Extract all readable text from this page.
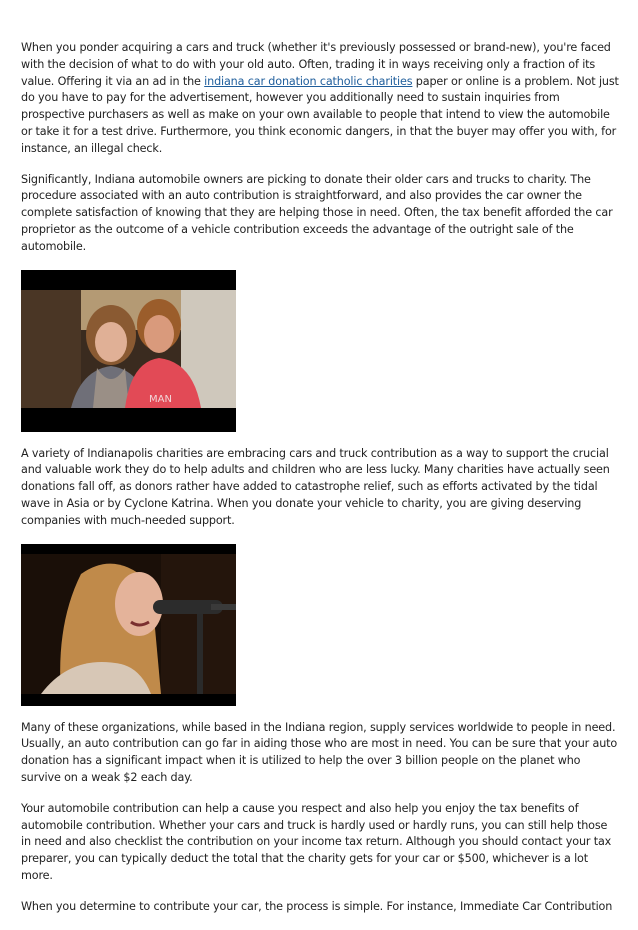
When you ponder acquiring a cars and truck (whether it's previously possessed or brand-new), you're faced with the decision of what to do with your old auto. Often, trading it in ways receiving only a fraction of its value. Offering it via an ad in the indiana car donation catholic charities paper or online is a problem. Not just do you have to pay for the advertisement, however you additionally need to sustain inquiries from prospective purchasers as well as make on your own available to people that intend to view the automobile or take it for a test drive. Furthermore, you think economic dangers, in that the buyer may offer you with, for instance, an illegal check.

Significantly, Indiana automobile owners are picking to donate their older cars and trucks to charity. The procedure associated with an auto contribution is straightforward, and also provides the car owner the complete satisfaction of knowing that they are helping those in need. Often, the tax benefit afforded the car proprietor as the outcome of a vehicle contribution exceeds the advantage of the outright sale of the automobile.

MAN

A variety of Indianapolis charities are embracing cars and truck contribution as a way to support the crucial and valuable work they do to help adults and children who are less lucky. Many charities have actually seen donations fall off, as donors rather have added to catastrophe relief, such as efforts activated by the tidal wave in Asia or by Cyclone Katrina. When you donate your vehicle to charity, you are giving deserving companies with much-needed support.

Many of these organizations, while based in the Indiana region, supply services worldwide to people in need. Usually, an auto contribution can go far in aiding those who are most in need. You can be sure that your auto donation has a significant impact when it is utilized to help the over 3 billion people on the planet who survive on a weak $2 each day.

Your automobile contribution can help a cause you respect and also help you enjoy the tax benefits of automobile contribution. Whether your cars and truck is hardly used or hardly runs, you can still help those in need and also checklist the contribution on your income tax return. Although you should contact your tax preparer, you can typically deduct the total that the charity gets for your car or $500, whichever is a lot more.

When you determine to contribute your car, the process is simple. For instance, Immediate Car Contribution
